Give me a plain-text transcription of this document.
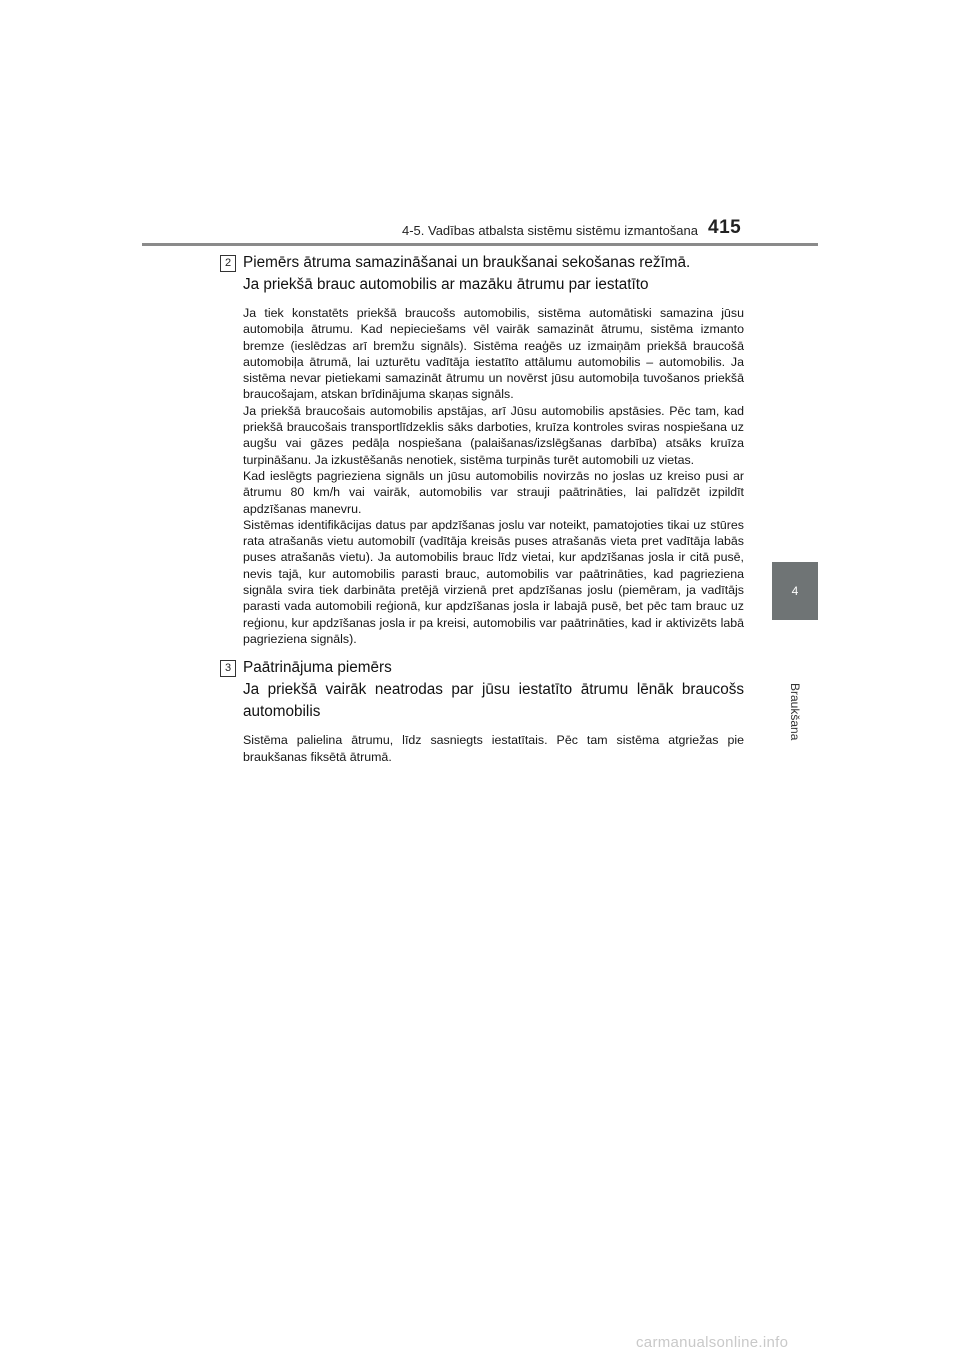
4-5. Vadības atbalsta sistēmu sistēmu izmantošana 415
4
Braukšana
2 Piemērs ātruma samazināšanai un braukšanai sekošanas režīmā.
Ja priekšā brauc automobilis ar mazāku ātrumu par iestatīto

Ja tiek konstatēts priekšā braucošs automobilis, sistēma automātiski samazina jūsu automobiļa ātrumu. Kad nepieciešams vēl vairāk samazināt ātrumu, sistēma izmanto bremze (ieslēdzas arī bremžu signāls). Sistēma reaģēs uz izmaiņām priekšā braucošā automobiļa ātrumā, lai uzturētu vadītāja iestatīto attālumu automobilis – automobilis. Ja sistēma nevar pietiekami samazināt ātrumu un novērst jūsu automobiļa tuvošanos priekšā braucošajam, atskan brīdinājuma skaņas signāls.

Ja priekšā braucošais automobilis apstājas, arī Jūsu automobilis apstāsies. Pēc tam, kad priekšā braucošais transportlīdzeklis sāks darboties, kruīza kontroles sviras nospiešana uz augšu vai gāzes pedāļa nospiešana (palaišanas/izslēgšanas darbība) atsāks kruīza turpināšanu. Ja izkustēšanās nenotiek, sistēma turpinās turēt automobili uz vietas.

Kad ieslēgts pagrieziena signāls un jūsu automobilis novirzās no joslas uz kreiso pusi ar ātrumu 80 km/h vai vairāk, automobilis var strauji paātrināties, lai palīdzēt izpildīt apdzīšanas manevru.

Sistēmas identifikācijas datus par apdzīšanas joslu var noteikt, pamatojoties tikai uz stūres rata atrašanās vietu automobilī (vadītāja kreisās puses atrašanās vieta pret vadītāja labās puses atrašanās vietu). Ja automobilis brauc līdz vietai, kur apdzīšanas josla ir citā pusē, nevis tajā, kur automobilis parasti brauc, automobilis var paātrināties, kad pagrieziena signāla svira tiek darbināta pretējā virzienā pret apdzīšanas joslu (piemēram, ja vadītājs parasti vada automobili reģionā, kur apdzīšanas josla ir labajā pusē, bet pēc tam brauc uz reģionu, kur apdzīšanas josla ir pa kreisi, automobilis var paātrināties, kad ir aktivizēts labā pagrieziena signāls).

3 Paātrinājuma piemērs
Ja priekšā vairāk neatrodas par jūsu iestatīto ātrumu lēnāk braucošs automobilis

Sistēma palielina ātrumu, līdz sasniegts iestatītais. Pēc tam sistēma atgriežas pie braukšanas fiksētā ātrumā.

carmanualsonline.info
